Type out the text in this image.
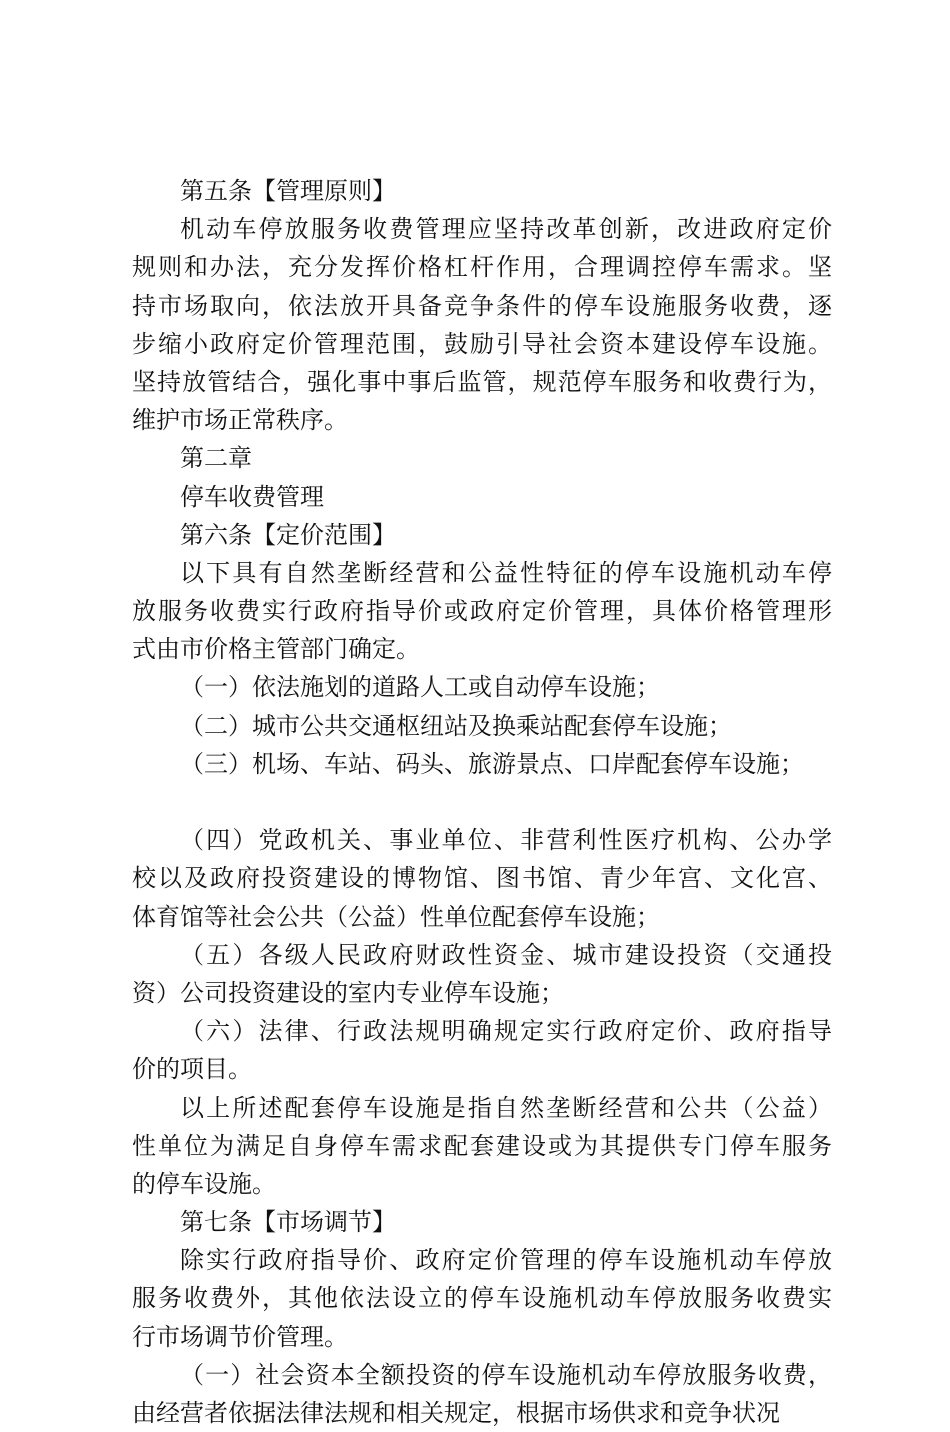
第五条【管理原则】
机动车停放服务收费管理应坚持改革创新，改进政府定价
规则和办法，充分发挥价格杠杆作用，合理调控停车需求。坚
持市场取向，依法放开具备竞争条件的停车设施服务收费，逐
步缩小政府定价管理范围，鼓励引导社会资本建设停车设施。
坚持放管结合，强化事中事后监管，规范停车服务和收费行为，
维护市场正常秩序。
第二章
停车收费管理
第六条【定价范围】
以下具有自然垄断经营和公益性特征的停车设施机动车停
放服务收费实行政府指导价或政府定价管理，具体价格管理形
式由市价格主管部门确定。
（一）依法施划的道路人工或自动停车设施；
（二）城市公共交通枢纽站及换乘站配套停车设施；
（三）机场、车站、码头、旅游景点、口岸配套停车设施；
（四）党政机关、事业单位、非营利性医疗机构、公办学
校以及政府投资建设的博物馆、图书馆、青少年宫、文化宫、
体育馆等社会公共（公益）性单位配套停车设施；
（五）各级人民政府财政性资金、城市建设投资（交通投
资）公司投资建设的室内专业停车设施；
（六）法律、行政法规明确规定实行政府定价、政府指导
价的项目。
以上所述配套停车设施是指自然垄断经营和公共（公益）
性单位为满足自身停车需求配套建设或为其提供专门停车服务
的停车设施。
第七条【市场调节】
除实行政府指导价、政府定价管理的停车设施机动车停放
服务收费外，其他依法设立的停车设施机动车停放服务收费实
行市场调节价管理。
（一）社会资本全额投资的停车设施机动车停放服务收费，
由经营者依据法律法规和相关规定，根据市场供求和竞争状况
